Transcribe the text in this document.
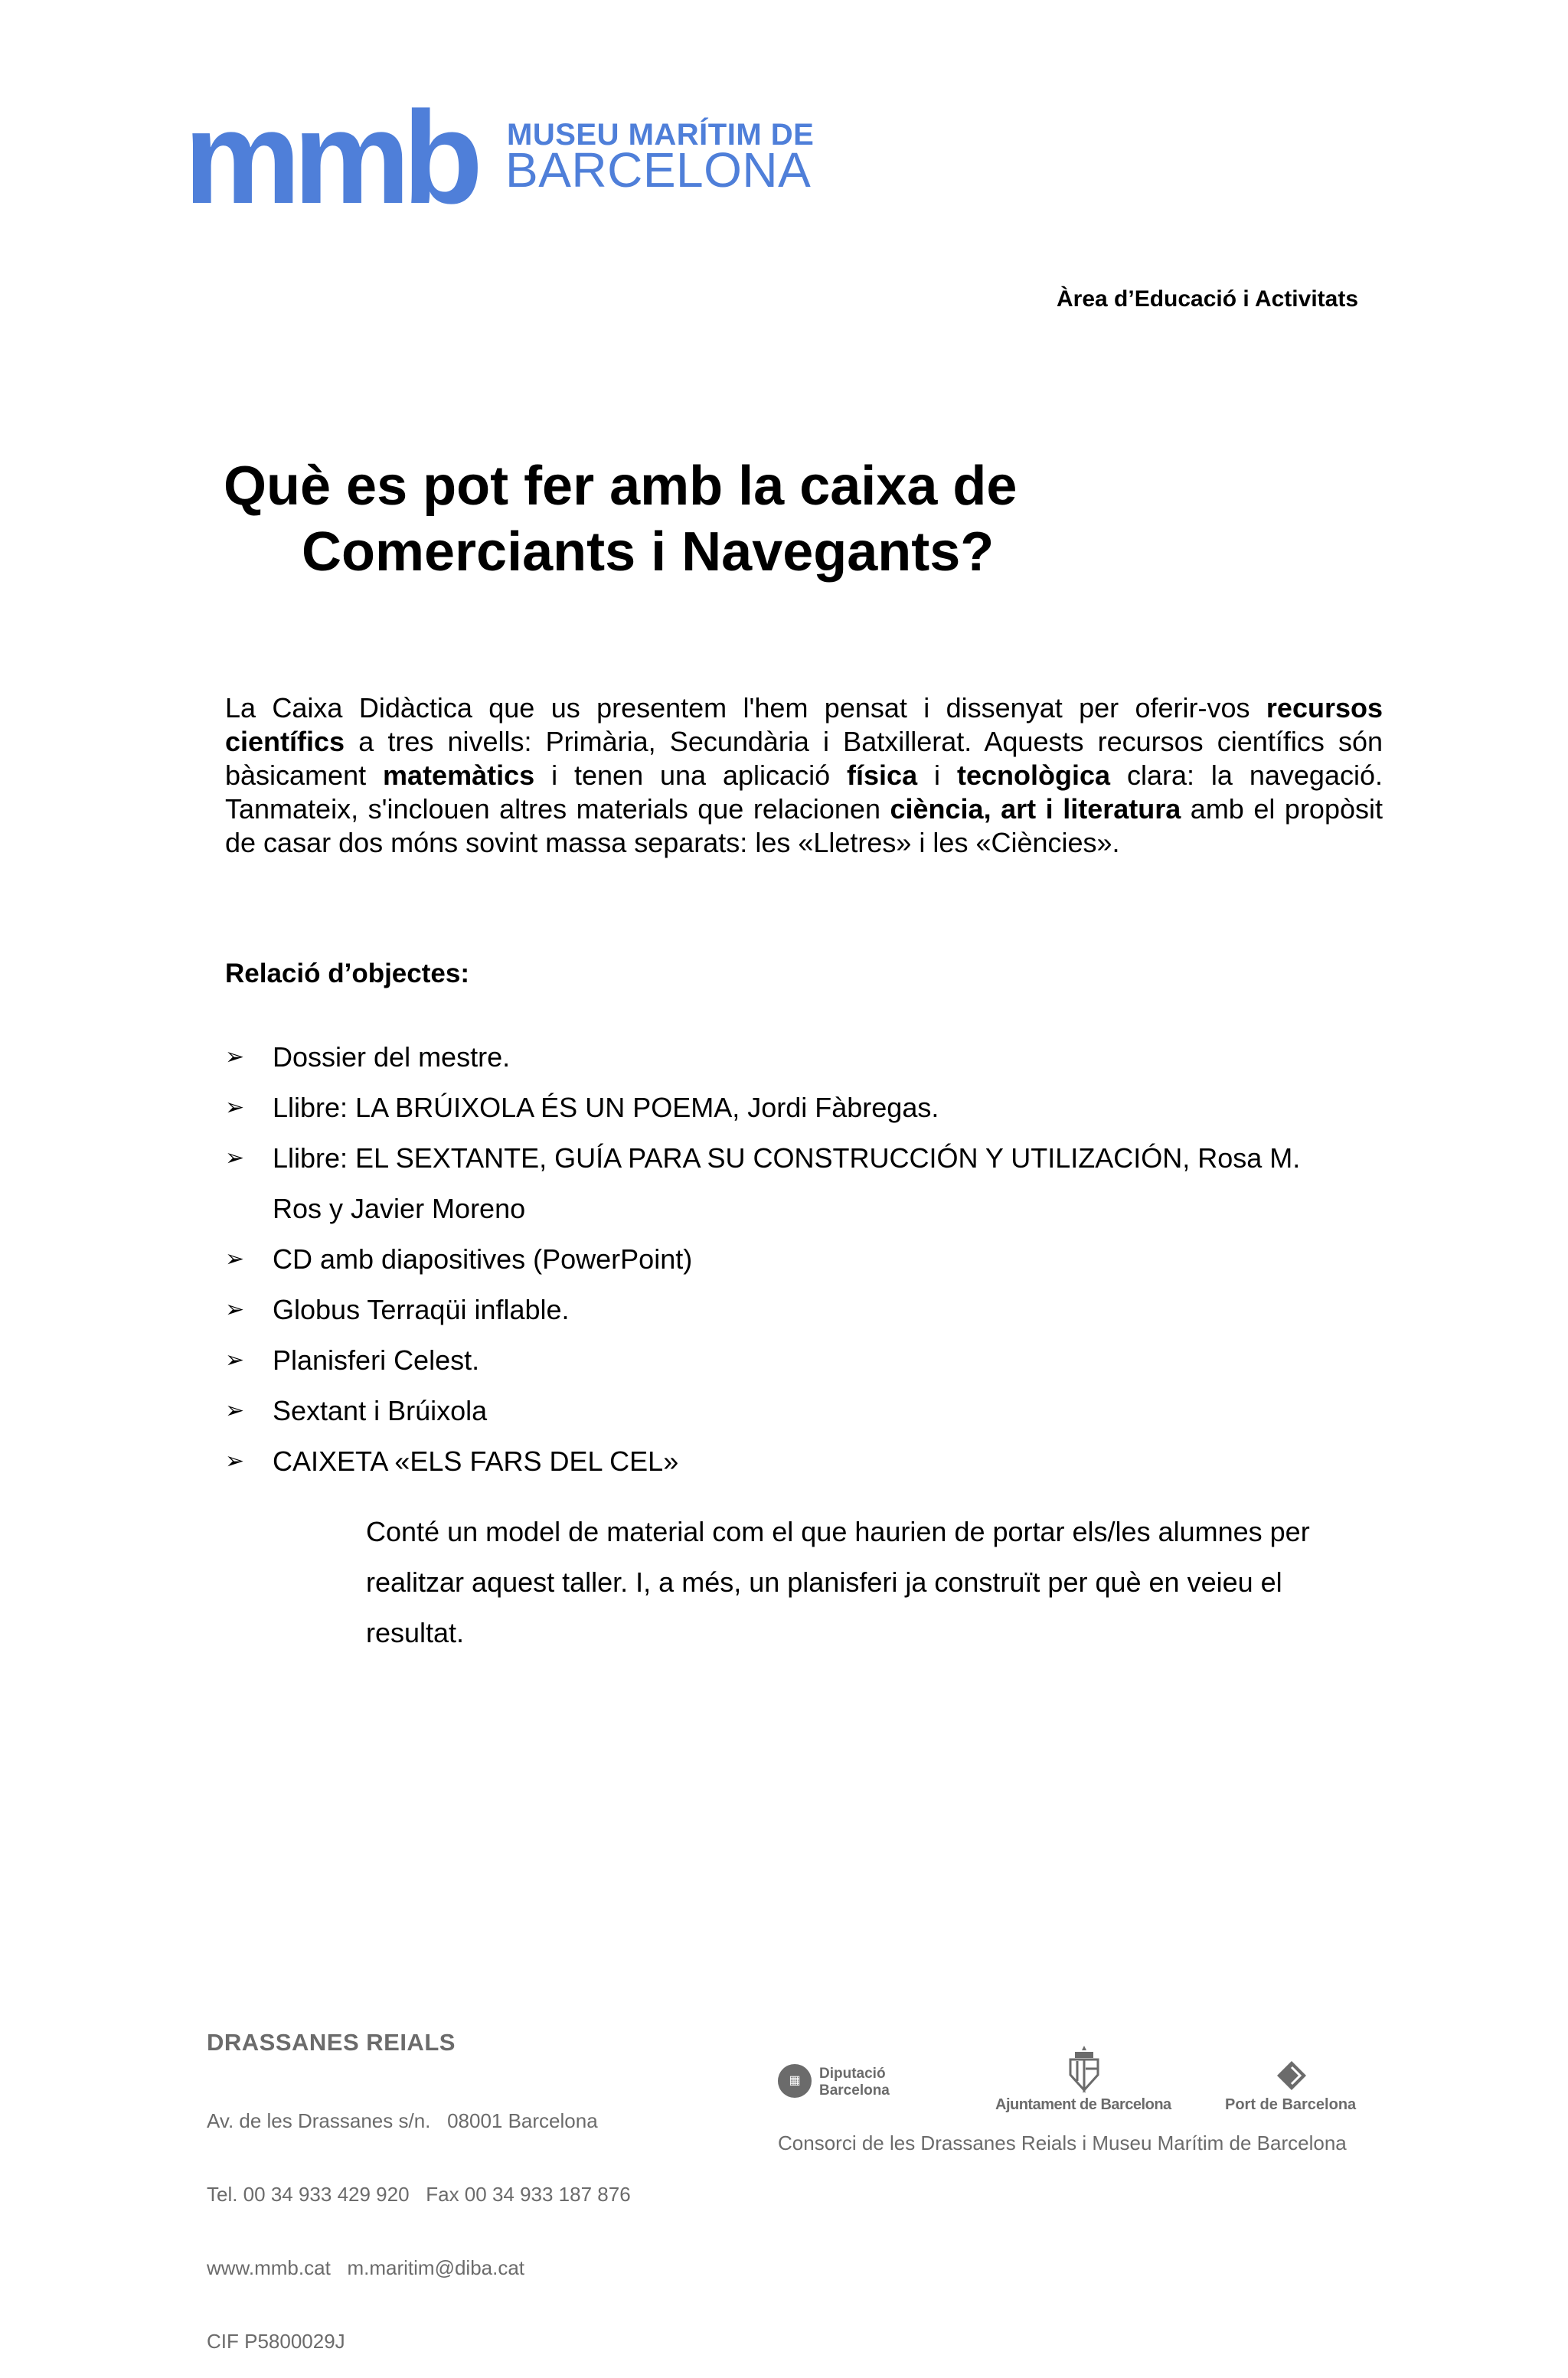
mmb MUSEU MARÍTIM DE
BARCELONA
Àrea d’Educació i Activitats
Què es pot fer amb la caixa de
Comerciants i Navegants?

La Caixa Didàctica que us presentem l'hem pensat i dissenyat per oferir-vos recursos científics a tres nivells: Primària, Secundària i Batxillerat. Aquests recursos científics són bàsicament matemàtics i tenen una aplicació física i tecnològica clara: la navegació. Tanmateix, s'inclouen altres materials que relacionen ciència, art i literatura amb el propòsit de casar dos móns sovint massa separats: les «Lletres» i les «Ciències».

Relació d’objectes:
➢ Dossier del mestre.
➢ Llibre: LA BRÚIXOLA ÉS UN POEMA, Jordi Fàbregas.
➢ Llibre: EL SEXTANTE, GUÍA PARA SU CONSTRUCCIÓN Y UTILIZACIÓN, Rosa M.
Ros y Javier Moreno
➢ CD amb diapositives (PowerPoint)
➢ Globus Terraqüi inflable.
➢ Planisferi Celest.
➢ Sextant i Brúixola
➢ CAIXETA «ELS FARS DEL CEL»

Conté un model de material com el que haurien de portar els/les alumnes per realitzar aquest taller. I, a més, un planisferi ja construït per què en veieu el resultat.

DRASSANES REIALS

Av. de les Drassanes s/n.   08001 Barcelona

Tel. 00 34 933 429 920   Fax 00 34 933 187 876

www.mmb.cat   m.maritim@diba.cat

CIF P5800029J

▦	Diputació
Barcelona
Ajuntament de Barcelona	Port de Barcelona
Consorci de les Drassanes Reials i Museu Marítim de Barcelona
